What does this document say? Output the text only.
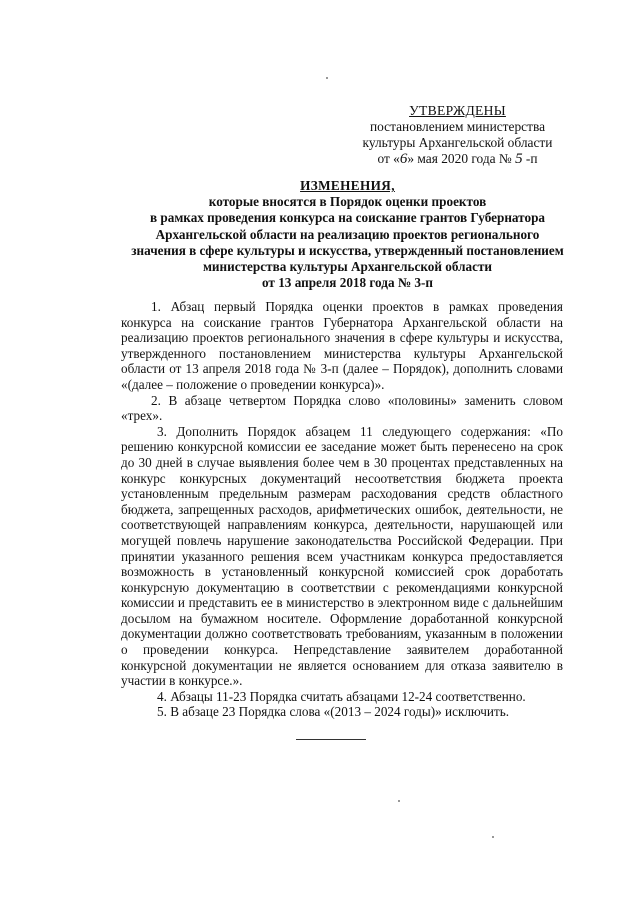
УТВЕРЖДЕНЫ
постановлением министерства
культуры Архангельской области
от «6» мая 2020 года № 5 -п
ИЗМЕНЕНИЯ,
которые вносятся в Порядок оценки проектов
в рамках проведения конкурса на соискание грантов Губернатора
Архангельской области на реализацию проектов регионального
значения в сфере культуры и искусства, утвержденный постановлением
министерства культуры Архангельской области
от 13 апреля 2018 года № 3-п

1. Абзац первый Порядка оценки проектов в рамках проведения конкурса на соискание грантов Губернатора Архангельской области на реализацию проектов регионального значения в сфере культуры и искусства, утвержденного постановлением министерства культуры Архангельской области от 13 апреля 2018 года № 3-п (далее – Порядок), дополнить словами «(далее – положение о проведении конкурса)».

2. В абзаце четвертом Порядка слово «половины» заменить словом «трех».

3. Дополнить Порядок абзацем 11 следующего содержания: «По решению конкурсной комиссии ее заседание может быть перенесено на срок до 30 дней в случае выявления более чем в 30 процентах представленных на конкурс конкурсных документаций несоответствия бюджета проекта установленным предельным размерам расходования средств областного бюджета, запрещенных расходов, арифметических ошибок, деятельности, не соответствующей направлениям конкурса, деятельности, нарушающей или могущей повлечь нарушение законодательства Российской Федерации. При принятии указанного решения всем участникам конкурса предоставляется возможность в установленный конкурсной комиссией срок доработать конкурсную документацию в соответствии с рекомендациями конкурсной комиссии и представить ее в министерство в электронном виде с дальнейшим досылом на бумажном носителе. Оформление доработанной конкурсной документации должно соответствовать требованиям, указанным в положении о проведении конкурса. Непредставление заявителем доработанной конкурсной документации не является основанием для отказа заявителю в участии в конкурсе.».

4. Абзацы 11-23 Порядка считать абзацами 12-24 соответственно.

5. В абзаце 23 Порядка слова «(2013 – 2024 годы)» исключить.
